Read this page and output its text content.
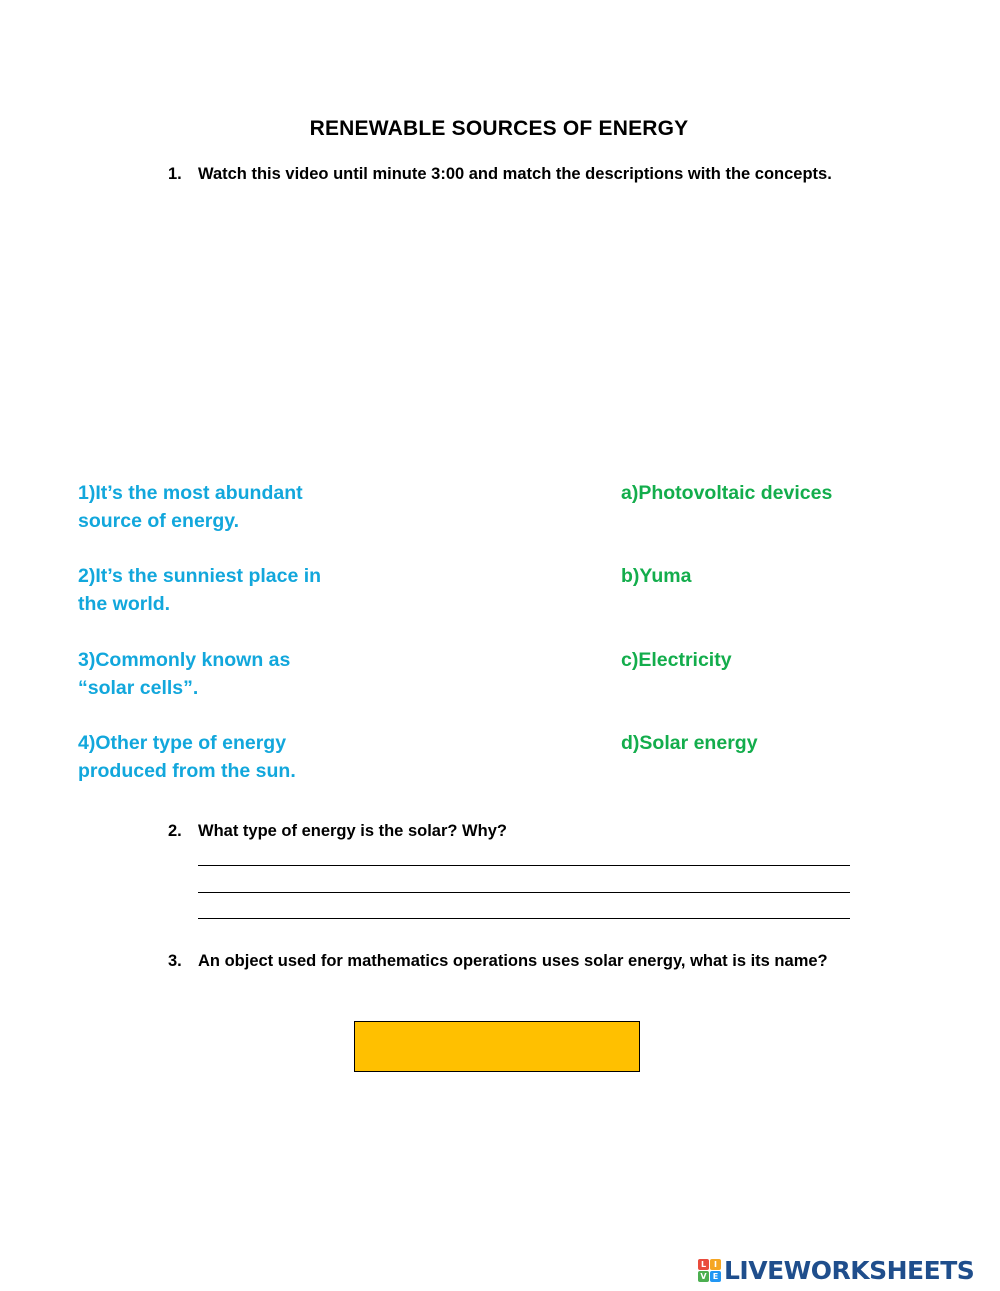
RENEWABLE SOURCES OF ENERGY
1. Watch this video until minute 3:00 and match the descriptions with the concepts.
1)It’s the most abundant source of energy.
2)It’s the sunniest place in the world.
3)Commonly known as “solar cells”.
4)Other type of energy produced from the sun.
a)Photovoltaic devices
b)Yuma
c)Electricity
d)Solar energy
2. What type of energy is the solar? Why?
3. An object used for mathematics operations uses solar energy, what is its name?
L I
V E LIVEWORKSHEETS
